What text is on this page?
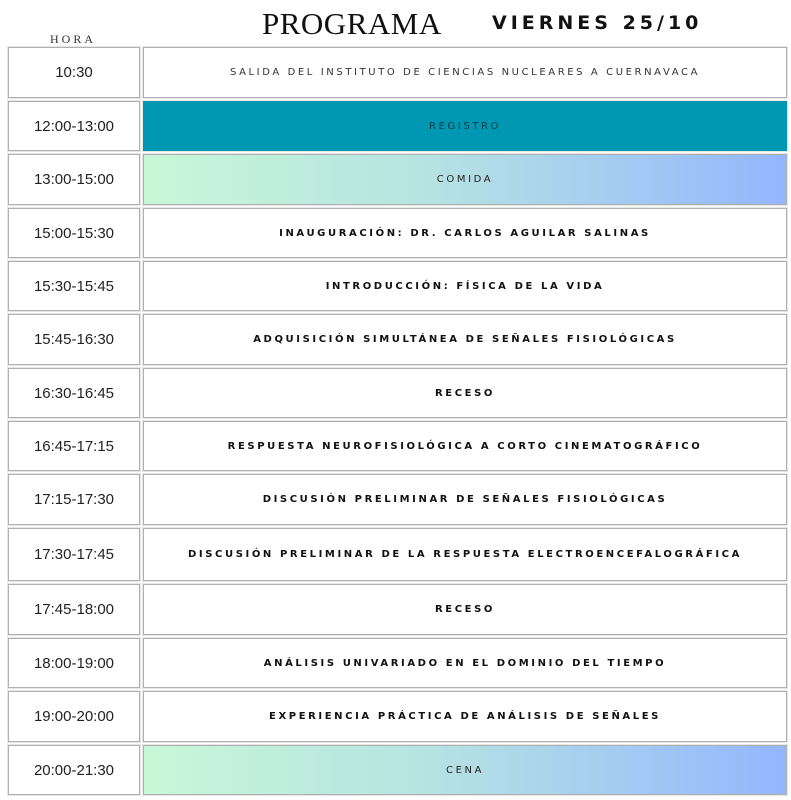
HORA	PROGRAMA	VIERNES 25/10
10:30	SALIDA DEL INSTITUTO DE CIENCIAS NUCLEARES A CUERNAVACA
12:00-13:00	REGISTRO
13:00-15:00	COMIDA
15:00-15:30	INAUGURACIÓN: DR. CARLOS AGUILAR SALINAS
15:30-15:45	INTRODUCCIÓN: FÍSICA DE LA VIDA
15:45-16:30	ADQUISICIÓN SIMULTÁNEA DE SEÑALES FISIOLÓGICAS
16:30-16:45	RECESO
16:45-17:15	RESPUESTA NEUROFISIOLÓGICA A CORTO CINEMATOGRÁFICO
17:15-17:30	DISCUSIÓN PRELIMINAR DE SEÑALES FISIOLÓGICAS
17:30-17:45	DISCUSIÓN PRELIMINAR DE LA RESPUESTA ELECTROENCEFALOGRÁFICA
17:45-18:00	RECESO
18:00-19:00	ANÁLISIS UNIVARIADO EN EL DOMINIO DEL TIEMPO
19:00-20:00	EXPERIENCIA PRÁCTICA DE ANÁLISIS DE SEÑALES
20:00-21:30	CENA
